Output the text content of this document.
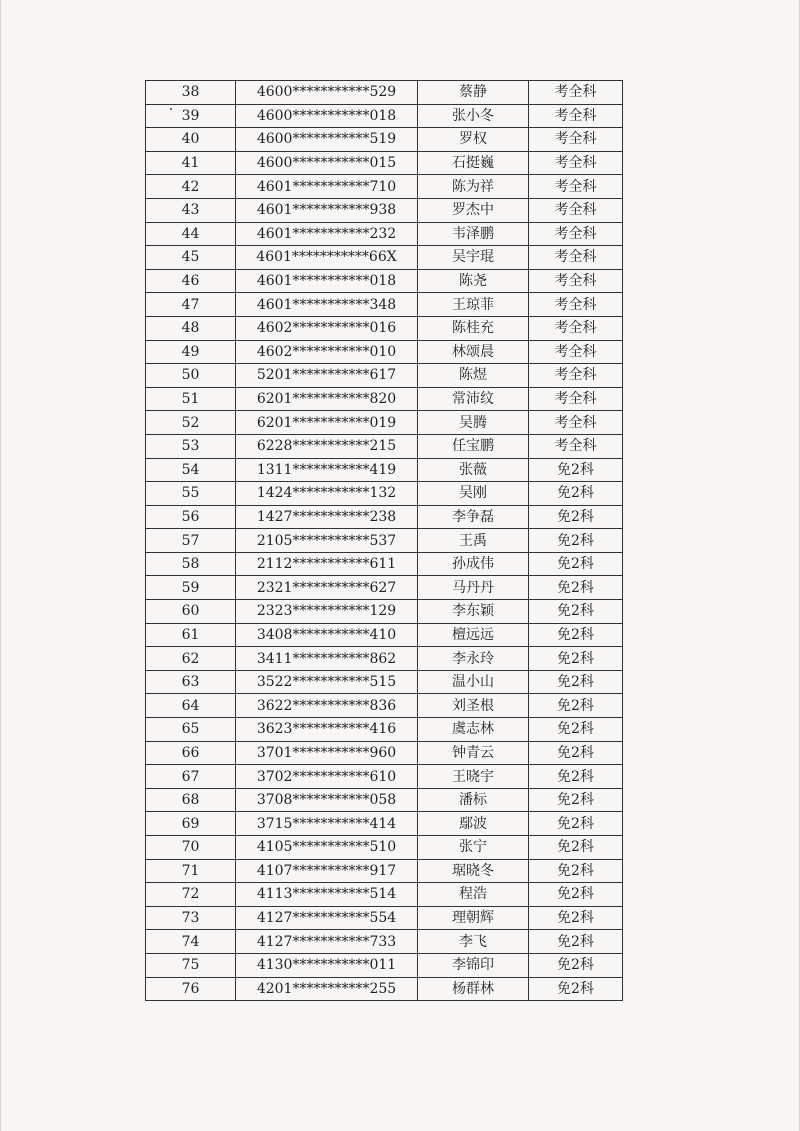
38	4600***********529	蔡静	考全科
39	4600***********018	张小冬	考全科
40	4600***********519	罗权	考全科
41	4600***********015	石挺巍	考全科
42	4601***********710	陈为祥	考全科
43	4601***********938	罗杰中	考全科
44	4601***********232	韦泽鹏	考全科
45	4601***********66X	吴宇琨	考全科
46	4601***********018	陈尧	考全科
47	4601***********348	王琼菲	考全科
48	4602***********016	陈桂充	考全科
49	4602***********010	林颂晨	考全科
50	5201***********617	陈煜	考全科
51	6201***********820	常沛纹	考全科
52	6201***********019	吴腾	考全科
53	6228***********215	任宝鹏	考全科
54	1311***********419	张薇	免2科
55	1424***********132	吴刚	免2科
56	1427***********238	李争磊	免2科
57	2105***********537	王禹	免2科
58	2112***********611	孙成伟	免2科
59	2321***********627	马丹丹	免2科
60	2323***********129	李东颖	免2科
61	3408***********410	檀远远	免2科
62	3411***********862	李永玲	免2科
63	3522***********515	温小山	免2科
64	3622***********836	刘圣根	免2科
65	3623***********416	虞志林	免2科
66	3701***********960	钟青云	免2科
67	3702***********610	王晓宇	免2科
68	3708***********058	潘标	免2科
69	3715***********414	鄢波	免2科
70	4105***********510	张宁	免2科
71	4107***********917	琚晓冬	免2科
72	4113***********514	程浩	免2科
73	4127***********554	理朝辉	免2科
74	4127***********733	李飞	免2科
75	4130***********011	李锦印	免2科
76	4201***********255	杨群林	免2科
